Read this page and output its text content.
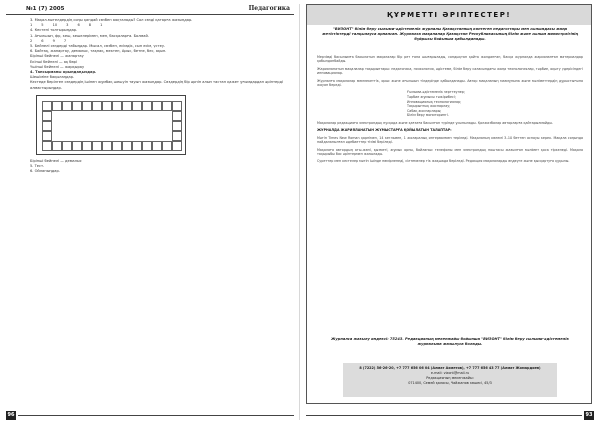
№1 (7) 2005	Педагогика
3. Мақал-мәтелдердің соңы қандай сөзбен аяқталады? Сол сөзді қатарға жазыңдар.
1	5	10	3	6	8	1
4. Кестені толтырыңдар.
1. Ағылшын, фр, кеш, кешелерімен, мен, басқаларға. Болмай.
2	6	9	7
5. Бейнелі сөздерді табыңдар. Мысал, сөзбен, есімдік, сын есім, үстеу.
6. Байтақ, жанартау, демалыс, тақпақ, мектеп, Арыс, бетпе, бес, ақын.
Бірінші бейнелі — жанартау
Екінші бейнелі — ақ бөрі
Үшінші бейнелі — жарқырау
4. Тапсырманы орындаңыздар.
Шешіміне бақылаңдар.
Кестеде берілген сөздердің ішінен жұмбақ шешуін тауып жазыңдар. Сөздердің бір әрпін алып тастап қажет ұғымдардан әріптерді алмастырыңдар.
Бірінші бейнелі — демалыс
5. Тест.
6. Ойланыңдар.
96
ҚҰРМЕТТІ ӘРІПТЕСТЕР!
"ВИЗОНТ" білім беру ғылыми-әдістемелік журналы Қазақстанның көптеген педагогтары мен ғылымдағы жаңа жетістіктерді талқылауға арналған. Журналға мақалалар Қазақстан Республикасының білім және ғылым министрлігінің бұйрығы бойынша қабылданады.

Мерзімді басылымға басылатын мақалалар бір рет ғана шығарылады, сондықтан қайта жолданған, басқа журналда жарияланған материалдар қабылданбайды.

Жарияланатын мақалалар тақырыптары: педагогика, психология, әдістеме, білім беру саласындағы жаңа технологиялар, тәрбие, оқыту үдерісіндегі инновациялар.

Журналға мақалалар мемлекеттік, орыс және ағылшын тілдерінде қабылданады. Автор мақаланың мазмұнына және мәліметтердің дұрыстығына жауап береді.

Ғылыми-әдістемелік зерттеулер;
Тәрбие жұмысы тәжірибесі;
Инновациялық технологиялар;
Тақырыптық жоспарлау;
Сабақ жоспарлары;
Білім беру мониторингі.

Мақалалар редакцияға электрондық нұсқада және қағазға басылған түрінде ұсынылады. Қолжазбалар авторларға қайтарылмайды.

ЖУРНАЛДА ЖАРИЯЛАНАТЫН ЖҰМЫСТАРҒА ҚОЙЫЛАТЫН ТАЛАПТАР:

Мәтін Times New Roman қарпімен, 14 кегльмен, 1 жоларалық интервалмен теріледі. Мақаланың көлемі 3–10 беттен аспауы керек. Мақала соңында пайдаланылған әдебиеттер тізімі беріледі.

Мақалаға автордың аты-жөні, қызметі, жұмыс орны, байланыс телефоны мен электрондық поштасы жазылған мәлімет қоса тіркеледі. Мақала тақырыбы бас әріптермен жазылады.

Суреттер мен кестелер мәтін ішінде нөмірленеді, сілтемелер тік жақшада беріледі. Редакция мақалаларды өңдеуге және қысқартуға құқылы.

Журналға жазылу индексі: 75243. Редакцияның мекенжайы бойынша "ВИЗОНТ" білім беру ғылыми-әдістемелік журналына жазылуға болады.
8 (7222) 56-26-20, +7 777 656 06 04 (Алмат Ахметов), +7 777 656 43 77 (Алмат Жомардиев)
e-mail: vizont@mail.ru
Редакцияның мекенжайы:
071400, Семей қаласы, Чайжанов көшесі, 45/3
93
